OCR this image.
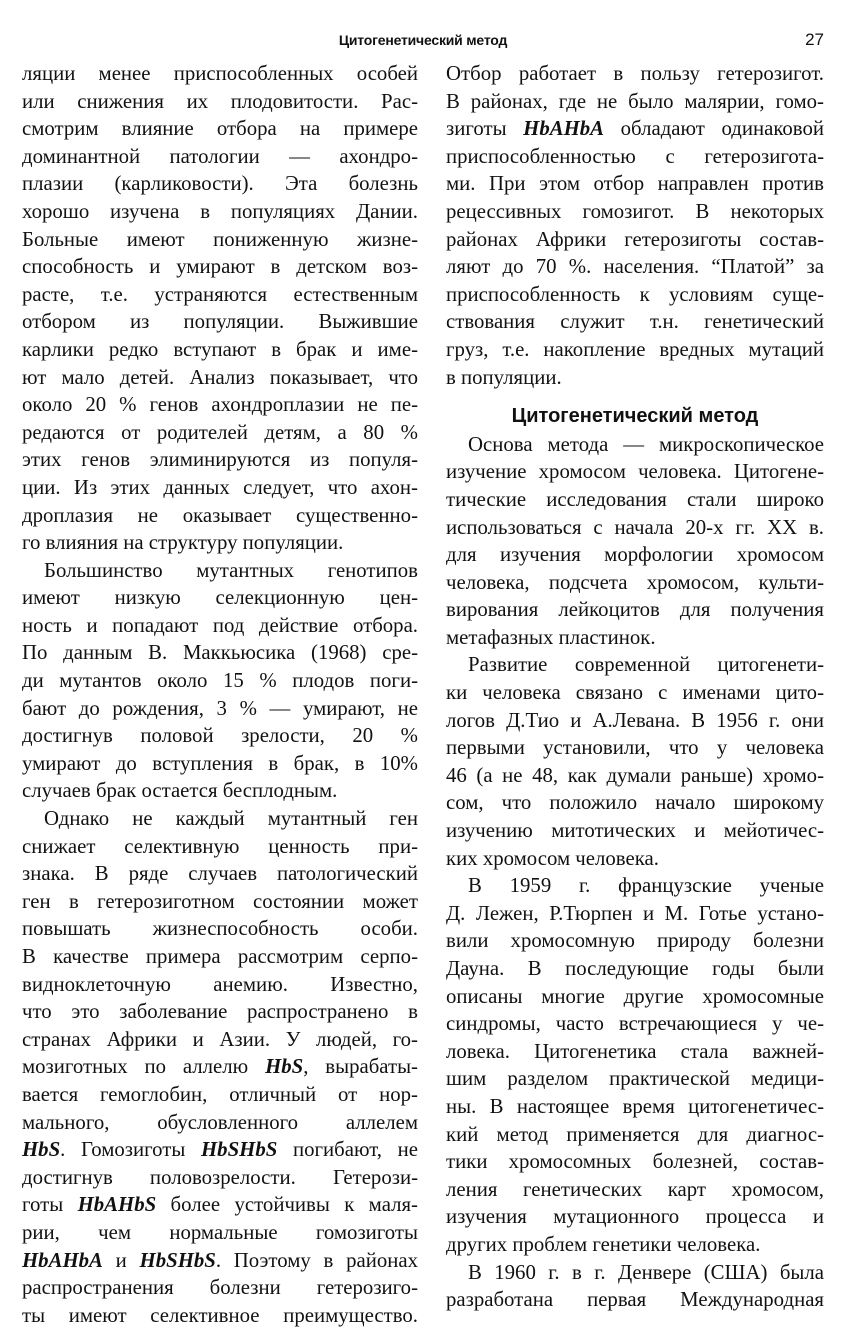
Цитогенетический метод	27
ляции менее приспособленных особей
или снижения их плодовитости. Рас-
смотрим влияние отбора на примере
доминантной патологии — ахондро-
плазии (карликовости). Эта болезнь
хорошо изучена в популяциях Дании.
Больные имеют пониженную жизне-
способность и умирают в детском воз-
расте, т.е. устраняются естественным
отбором из популяции. Выжившие
карлики редко вступают в брак и име-
ют мало детей. Анализ показывает, что
около 20 % генов ахондроплазии не пе-
редаются от родителей детям, а 80 %
этих генов элиминируются из популя-
ции. Из этих данных следует, что ахон-
дроплазия не оказывает существенно-
го влияния на структуру популяции.
Большинство мутантных генотипов
имеют низкую селекционную цен-
ность и попадают под действие отбора.
По данным В. Маккьюсика (1968) сре-
ди мутантов около 15 % плодов поги-
бают до рождения, 3 % — умирают, не
достигнув половой зрелости, 20 %
умирают до вступления в брак, в 10%
случаев брак остается бесплодным.
Однако не каждый мутантный ген
снижает селективную ценность при-
знака. В ряде случаев патологический
ген в гетерозиготном состоянии может
повышать жизнеспособность особи.
В качестве примера рассмотрим серпо-
видноклеточную анемию. Известно,
что это заболевание распространено в
странах Африки и Азии. У людей, го-
мозиготных по аллелю HbS, вырабаты-
вается гемоглобин, отличный от нор-
мального, обусловленного аллелем
HbS. Гомозиготы HbSHbS погибают, не
достигнув половозрелости. Гетерози-
готы HbAHbS более устойчивы к маля-
рии, чем нормальные гомозиготы
HbAHbA и HbSHbS. Поэтому в районах
распространения болезни гетерозиго-
ты имеют селективное преимущество.
Отбор работает в пользу гетерозигот.
В районах, где не было малярии, гомо-
зиготы HbAHbA обладают одинаковой
приспособленностью с гетерозигота-
ми. При этом отбор направлен против
рецессивных гомозигот. В некоторых
районах Африки гетерозиготы состав-
ляют до 70 %. населения. “Платой” за
приспособленность к условиям суще-
ствования служит т.н. генетический
груз, т.е. накопление вредных мутаций
в популяции.
Цитогенетический метод
Основа метода — микроскопическое
изучение хромосом человека. Цитогене-
тические исследования стали широко
использоваться с начала 20-х гг. XX в.
для изучения морфологии хромосом
человека, подсчета хромосом, культи-
вирования лейкоцитов для получения
метафазных пластинок.
Развитие современной цитогенети-
ки человека связано с именами цито-
логов Д.Тио и А.Левана. В 1956 г. они
первыми установили, что у человека
46 (а не 48, как думали раньше) хромо-
сом, что положило начало широкому
изучению митотических и мейотичес-
ких хромосом человека.
В 1959 г. французские ученые
Д. Лежен, Р.Тюрпен и М. Готье устано-
вили хромосомную природу болезни
Дауна. В последующие годы были
описаны многие другие хромосомные
синдромы, часто встречающиеся у че-
ловека. Цитогенетика стала важней-
шим разделом практической медици-
ны. В настоящее время цитогенетичес-
кий метод применяется для диагнос-
тики хромосомных болезней, состав-
ления генетических карт хромосом,
изучения мутационного процесса и
других проблем генетики человека.
В 1960 г. в г. Денвере (США) была
разработана первая Международная
